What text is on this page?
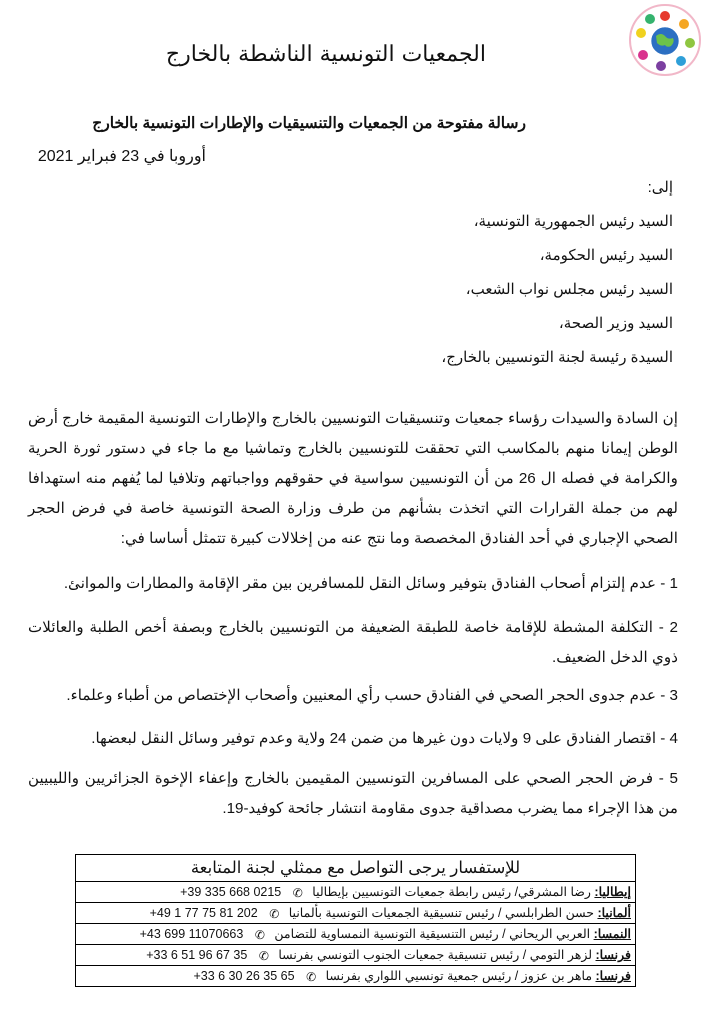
الجمعيات التونسية الناشطة بالخارج
رسالة مفتوحة من الجمعيات والتنسيقيات والإطارات التونسية بالخارج
أوروبا في 23 فبراير 2021
إلى:
السيد رئيس الجمهورية التونسية،
السيد رئيس الحكومة،
السيد رئيس مجلس نواب الشعب،
السيد وزير الصحة،
السيدة رئيسة لجنة التونسيين بالخارج،

إن السادة والسيدات رؤساء جمعيات وتنسيقيات التونسيين بالخارج والإطارات التونسية المقيمة خارج أرض الوطن إيمانا منهم بالمكاسب التي تحققت للتونسيين بالخارج وتماشيا مع ما جاء في دستور ثورة الحرية والكرامة في فصله ال 26 من أن التونسيين سواسية في حقوقهم وواجباتهم وتلافيا لما يُفهم منه استهدافا لهم من جملة القرارات التي اتخذت بشأنهم من طرف وزارة الصحة التونسية خاصة في فرض الحجر الصحي الإجباري في أحد الفنادق المخصصة وما نتج عنه من إخلالات كبيرة تتمثل أساسا في:

1 - عدم إلتزام أصحاب الفنادق بتوفير وسائل النقل للمسافرين بين مقر الإقامة والمطارات والموانئ.

2 - التكلفة المشطة للإقامة خاصة للطبقة الضعيفة من التونسيين بالخارج وبصفة أخص الطلبة والعائلات ذوي الدخل الضعيف.

3 - عدم جدوى الحجر الصحي في الفنادق حسب رأي المعنيين وأصحاب الإختصاص من أطباء وعلماء.

4 - اقتصار الفنادق على 9 ولايات دون غيرها من ضمن 24 ولاية وعدم توفير وسائل النقل لبعضها.

5 - فرض الحجر الصحي على المسافرين التونسيين المقيمين بالخارج وإعفاء الإخوة الجزائريين والليبيين من هذا الإجراء مما يضرب مصداقية جدوى مقاومة انتشار جائحة كوفيد-19.

للإستفسار يرجى التواصل مع ممثلي لجنة المتابعة
إيطاليا: رضا المشرقي/ رئيس رابطة جمعيات التونسيين بإيطاليا ✆ +39 335 668 0215
ألمانيا: حسن الطرابلسي / رئيس تنسيقية الجمعيات التونسية بألمانيا ✆ +49 1 77 75 81 202
النمسا: العربي الريحاني / رئيس التنسيقية التونسية النمساوية للتضامن ✆ +43 699 11070663
فرنسا: لزهر التومي / رئيس تنسيقية جمعيات الجنوب التونسي بفرنسا ✆ +33 6 51 96 67 35
فرنسا: ماهر بن عزوز / رئيس جمعية تونسيي اللواري بفرنسا ✆ +33 6 30 26 35 65
